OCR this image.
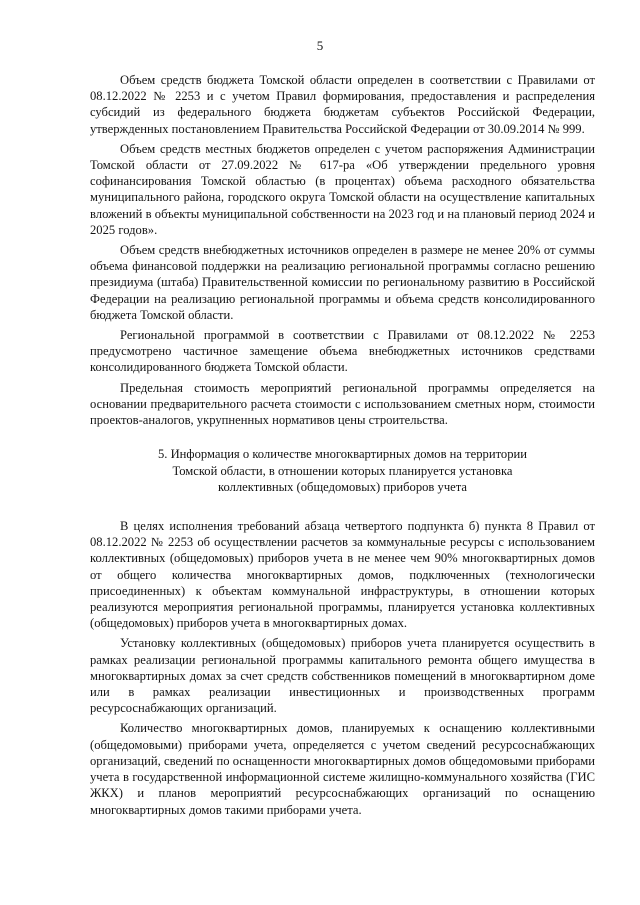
5

Объем средств бюджета Томской области определен в соответствии с Правилами от 08.12.2022 № 2253 и с учетом Правил формирования, предоставления и распределения субсидий из федерального бюджета бюджетам субъектов Российской Федерации, утвержденных постановлением Правительства Российской Федерации от 30.09.2014 № 999.

Объем средств местных бюджетов определен с учетом распоряжения Администрации Томской области от 27.09.2022 № 617-ра «Об утверждении предельного уровня софинансирования Томской областью (в процентах) объема расходного обязательства муниципального района, городского округа Томской области на осуществление капитальных вложений в объекты муниципальной собственности на 2023 год и на плановый период 2024 и 2025 годов».

Объем средств внебюджетных источников определен в размере не менее 20% от суммы объема финансовой поддержки на реализацию региональной программы согласно решению президиума (штаба) Правительственной комиссии по региональному развитию в Российской Федерации на реализацию региональной программы и объема средств консолидированного бюджета Томской области.

Региональной программой в соответствии с Правилами от 08.12.2022 № 2253 предусмотрено частичное замещение объема внебюджетных источников средствами консолидированного бюджета Томской области.

Предельная стоимость мероприятий региональной программы определяется на основании предварительного расчета стоимости с использованием сметных норм, стоимости проектов-аналогов, укрупненных нормативов цены строительства.

5. Информация о количестве многоквартирных домов на территории
Томской области, в отношении которых планируется установка
коллективных (общедомовых) приборов учета

В целях исполнения требований абзаца четвертого подпункта б) пункта 8 Правил от 08.12.2022 № 2253 об осуществлении расчетов за коммунальные ресурсы с использованием коллективных (общедомовых) приборов учета в не менее чем 90% многоквартирных домов от общего количества многоквартирных домов, подключенных (технологически присоединенных) к объектам коммунальной инфраструктуры, в отношении которых реализуются мероприятия региональной программы, планируется установка коллективных (общедомовых) приборов учета в многоквартирных домах.

Установку коллективных (общедомовых) приборов учета планируется осуществить в рамках реализации региональной программы капитального ремонта общего имущества в многоквартирных домах за счет средств собственников помещений в многоквартирном доме или в рамках реализации инвестиционных и производственных программ ресурсоснабжающих организаций.

Количество многоквартирных домов, планируемых к оснащению коллективными (общедомовыми) приборами учета, определяется с учетом сведений ресурсоснабжающих организаций, сведений по оснащенности многоквартирных домов общедомовыми приборами учета в государственной информационной системе жилищно-коммунального хозяйства (ГИС ЖКХ) и планов мероприятий ресурсоснабжающих организаций по оснащению многоквартирных домов такими приборами учета.
